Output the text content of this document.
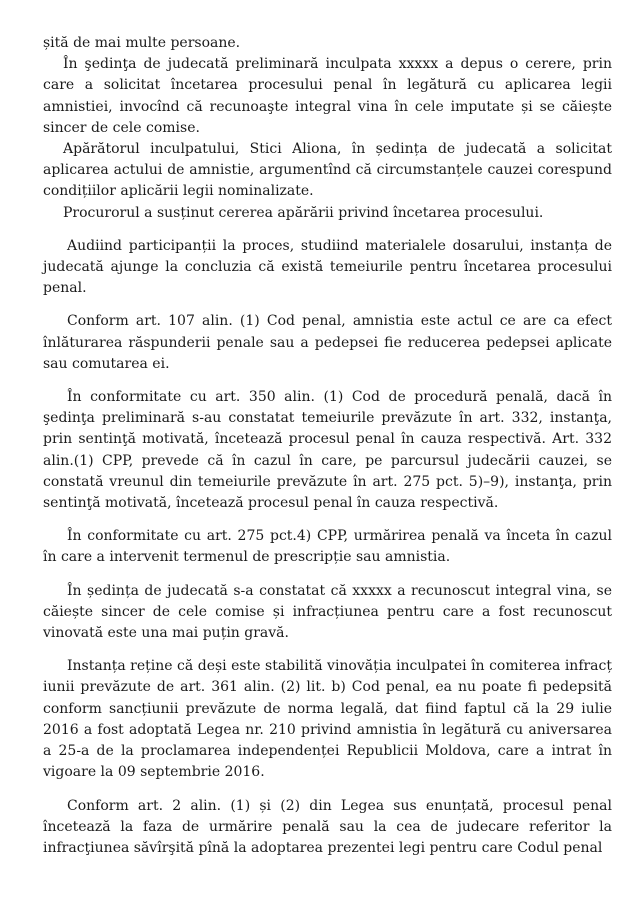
șită de mai multe persoane.

În şedinţa de judecată preliminară inculpata xxxxx a depus o cerere, prin care a solicitat încetarea procesului penal în legătură cu aplicarea legii amnistiei, invocînd că recunoaşte integral vina în cele imputate și se căiește sincer de cele comise.

Apărătorul inculpatului, Stici Aliona, în ședința de judecată a solicitat aplicarea actului de amnistie, argumentînd că circumstanțele cauzei corespund condițiilor aplicării legii nominalizate.

Procurorul a susținut cererea apărării privind încetarea procesului.

Audiind participanții la proces, studiind materialele dosarului, instanța de judecată ajunge la concluzia că există temeiurile pentru încetarea procesului penal.

Conform art. 107 alin. (1) Cod penal, amnistia este actul ce are ca efect înlăturarea răspunderii penale sau a pedepsei fie reducerea pedepsei aplicate sau comutarea ei.

În conformitate cu art. 350 alin. (1) Cod de procedură penală, dacă în şedinţa preliminară s-au constatat temeiurile prevăzute în art. 332, instanţa, prin sentinţă motivată, încetează procesul penal în cauza respectivă. Art. 332 alin.(1) CPP, prevede că în cazul în care, pe parcursul judecării cauzei, se constată vreunul din temeiurile prevăzute în art. 275 pct. 5)–9), instanţa, prin sentinţă motivată, încetează procesul penal în cauza respectivă.

În conformitate cu art. 275 pct.4) CPP, urmărirea penală va înceta în cazul în care a intervenit termenul de prescripție sau amnistia.

În ședința de judecată s-a constatat că xxxxx a recunoscut integral vina, se căiește sincer de cele comise și infracțiunea pentru care a fost recunoscut vinovată este una mai puțin gravă.

Instanța reține că deși este stabilită vinovăția inculpatei în comiterea infracț iunii prevăzute de art. 361 alin. (2) lit. b) Cod penal, ea nu poate fi pedepsită conform sancțiunii prevăzute de norma legală, dat fiind faptul că la 29 iulie 2016 a fost adoptată Legea nr. 210 privind amnistia în legătură cu aniversarea a 25-a de la proclamarea independenței Republicii Moldova, care a intrat în vigoare la 09 septembrie 2016.

Conform art. 2 alin. (1) și (2) din Legea sus enunțată, procesul penal încetează la faza de urmărire penală sau la cea de judecare referitor la infracţiunea săvîrşită pînă la adoptarea prezentei legi pentru care Codul penal
